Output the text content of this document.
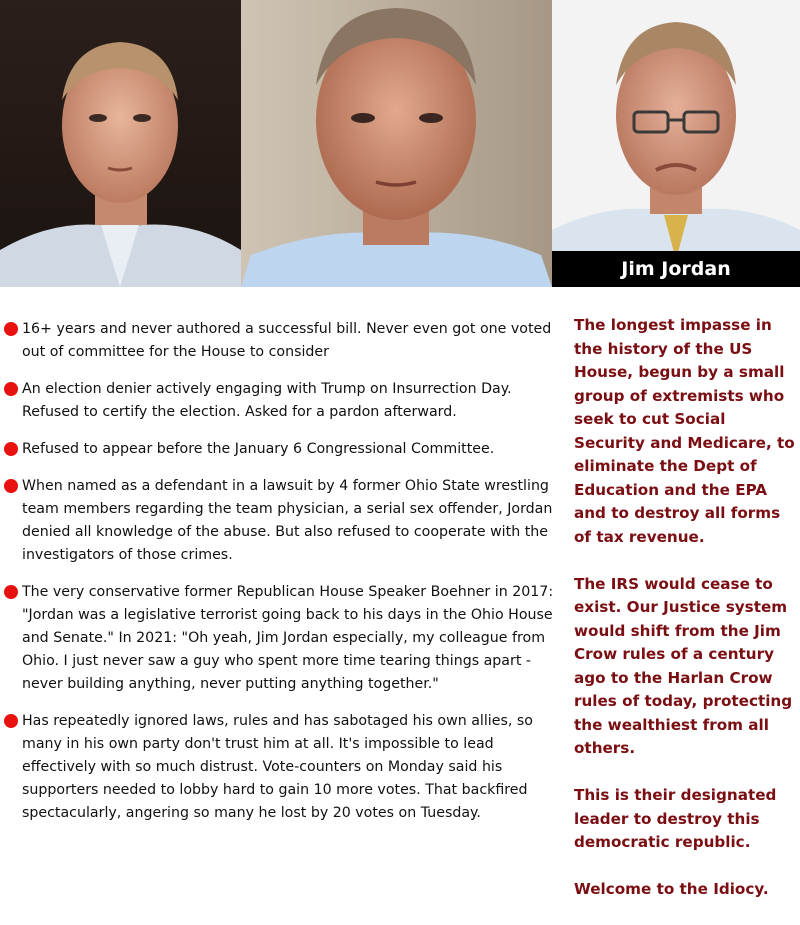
Jim Jordan
16+ years and never authored a successful bill. Never even got one voted out of committee for the House to consider
An election denier actively engaging with Trump on Insurrection Day. Refused to certify the election. Asked for a pardon afterward.
Refused to appear before the January 6 Congressional Committee.
When named as a defendant in a lawsuit by 4 former Ohio State wrestling team members regarding the team physician, a serial sex offender, Jordan denied all knowledge of the abuse. But also refused to cooperate with the investigators of those crimes.
The very conservative former Republican House Speaker Boehner in 2017: "Jordan was a legislative terrorist going back to his days in the Ohio House and Senate." In 2021: "Oh yeah, Jim Jordan especially, my colleague from Ohio. I just never saw a guy who spent more time tearing things apart - never building anything, never putting anything together."
Has repeatedly ignored laws, rules and has sabotaged his own allies, so many in his own party don't trust him at all. It's impossible to lead effectively with so much distrust. Vote-counters on Monday said his supporters needed to lobby hard to gain 10 more votes. That backfired spectacularly, angering so many he lost by 20 votes on Tuesday.

The longest impasse in the history of the US House, begun by a small group of extremists who seek to cut Social Security and Medicare, to eliminate the Dept of Education and the EPA and to destroy all forms of tax revenue.

The IRS would cease to exist. Our Justice system would shift from the Jim Crow rules of a century ago to the Harlan Crow rules of today, protecting the wealthiest from all others.

This is their designated leader to destroy this democratic republic.

Welcome to the Idiocy.
